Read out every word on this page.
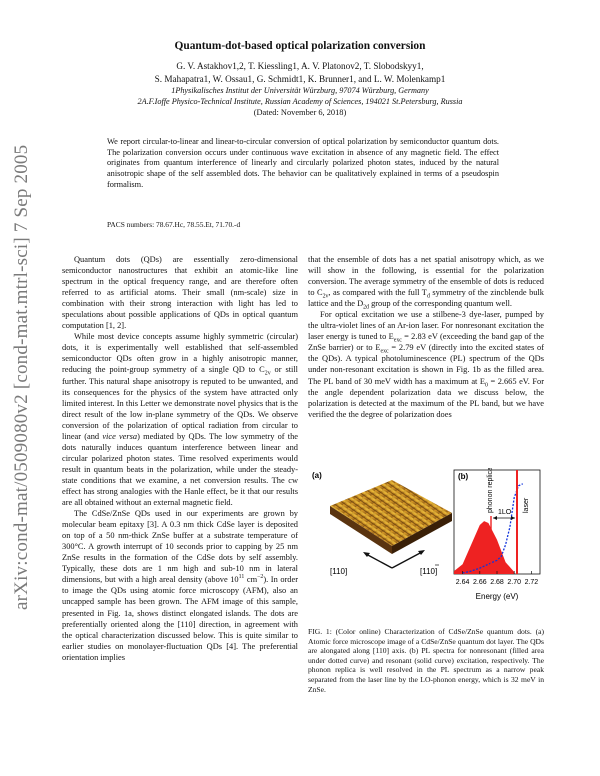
arXiv:cond-mat/0509080v2 [cond-mat.mtrl-sci] 7 Sep 2005
Quantum-dot-based optical polarization conversion
G. V. Astakhov1,2, T. Kiessling1, A. V. Platonov2, T. Slobodskyy1,
S. Mahapatra1, W. Ossau1, G. Schmidt1, K. Brunner1, and L. W. Molenkamp1
1Physikalisches Institut der Universität Würzburg, 97074 Würzburg, Germany
2A.F.Ioffe Physico-Technical Institute, Russian Academy of Sciences, 194021 St.Petersburg, Russia
(Dated: November 6, 2018)
We report circular-to-linear and linear-to-circular conversion of optical polarization by semiconductor quantum dots. The polarization conversion occurs under continuous wave excitation in absence of any magnetic field. The effect originates from quantum interference of linearly and circularly polarized photon states, induced by the natural anisotropic shape of the self assembled dots. The behavior can be qualitatively explained in terms of a pseudospin formalism.
PACS numbers: 78.67.Hc, 78.55.Et, 71.70.-d

Quantum dots (QDs) are essentially zero-dimensional semiconductor nanostructures that exhibit an atomic-like line spectrum in the optical frequency range, and are therefore often referred to as artificial atoms. Their small (nm-scale) size in combination with their strong interaction with light has led to speculations about possible applications of QDs in optical quantum computation [1, 2].

While most device concepts assume highly symmetric (circular) dots, it is experimentally well established that self-assembled semiconductor QDs often grow in a highly anisotropic manner, reducing the point-group symmetry of a single QD to $C_{2v}$ or still further. This natural shape anisotropy is reputed to be unwanted, and its consequences for the physics of the system have attracted only limited interest. In this Letter we demonstrate novel physics that is the direct result of the low in-plane symmetry of the QDs. We observe conversion of the polarization of optical radiation from circular to linear (and vice versa) mediated by QDs. The low symmetry of the dots naturally induces quantum interference between linear and circular polarized photon states. Time resolved experiments would result in quantum beats in the polarization, while under the steady-state conditions that we examine, a net conversion results. The cw effect has strong analogies with the Hanle effect, be it that our results are all obtained without an external magnetic field.

The CdSe/ZnSe QDs used in our experiments are grown by molecular beam epitaxy [3]. A 0.3 nm thick CdSe layer is deposited on top of a 50 nm-thick ZnSe buffer at a substrate temperature of 300°C. A growth interrupt of 10 seconds prior to capping by 25 nm ZnSe results in the formation of the CdSe dots by self assembly. Typically, these dots are 1 nm high and sub-10 nm in lateral dimensions, but with a high areal density (above $10^{11}$ $cm^{-2}$). In order to image the QDs using atomic force microscopy (AFM), also an uncapped sample has been grown. The AFM image of this sample, presented in Fig. 1a, shows distinct elongated islands. The dots are preferentially oriented along the [110] direction, in agreement with the optical characterization discussed below. This is quite similar to earlier studies on monolayer-fluctuation QDs [4]. The preferential orientation implies

that the ensemble of dots has a net spatial anisotropy which, as we will show in the following, is essential for the polarization conversion. The average symmetry of the ensemble of dots is reduced to $C_{2v}$, as compared with the full $T_d$ symmetry of the zincblende bulk lattice and the $D_{2d}$ group of the corresponding quantum well.

For optical excitation we use a stilbene-3 dye-laser, pumped by the ultra-violet lines of an Ar-ion laser. For nonresonant excitation the laser energy is tuned to $E_{exc} = 2.83$ eV (exceeding the band gap of the ZnSe barrier) or to $E_{exc} = 2.79$ eV (directly into the excited states of the QDs). A typical photoluminescence (PL) spectrum of the QDs under non-resonant excitation is shown in Fig. 1b as the filled area. The PL band of 30 meV width has a maximum at $E_0 = 2.665$ eV. For the angle dependent polarization data we discuss below, the polarization is detected at the maximum of the PL band, but we have verified the the degree of polarization does

(a)
[110]	[110]
(b)
1LO
phonon replica	laser
2.64 2.66 2.68 2.70 2.72
Energy (eV)
FIG. 1: (Color online) Characterization of CdSe/ZnSe quantum dots. (a) Atomic force microscope image of a CdSe/ZnSe quantum dot layer. The QDs are alongated along [110] axis. (b) PL spectra for nonresonant (filled area under dotted curve) and resonant (solid curve) excitation, respectively. The phonon replica is well resolved in the PL spectrum as a narrow peak separated from the laser line by the LO-phonon energy, which is 32 meV in ZnSe.
